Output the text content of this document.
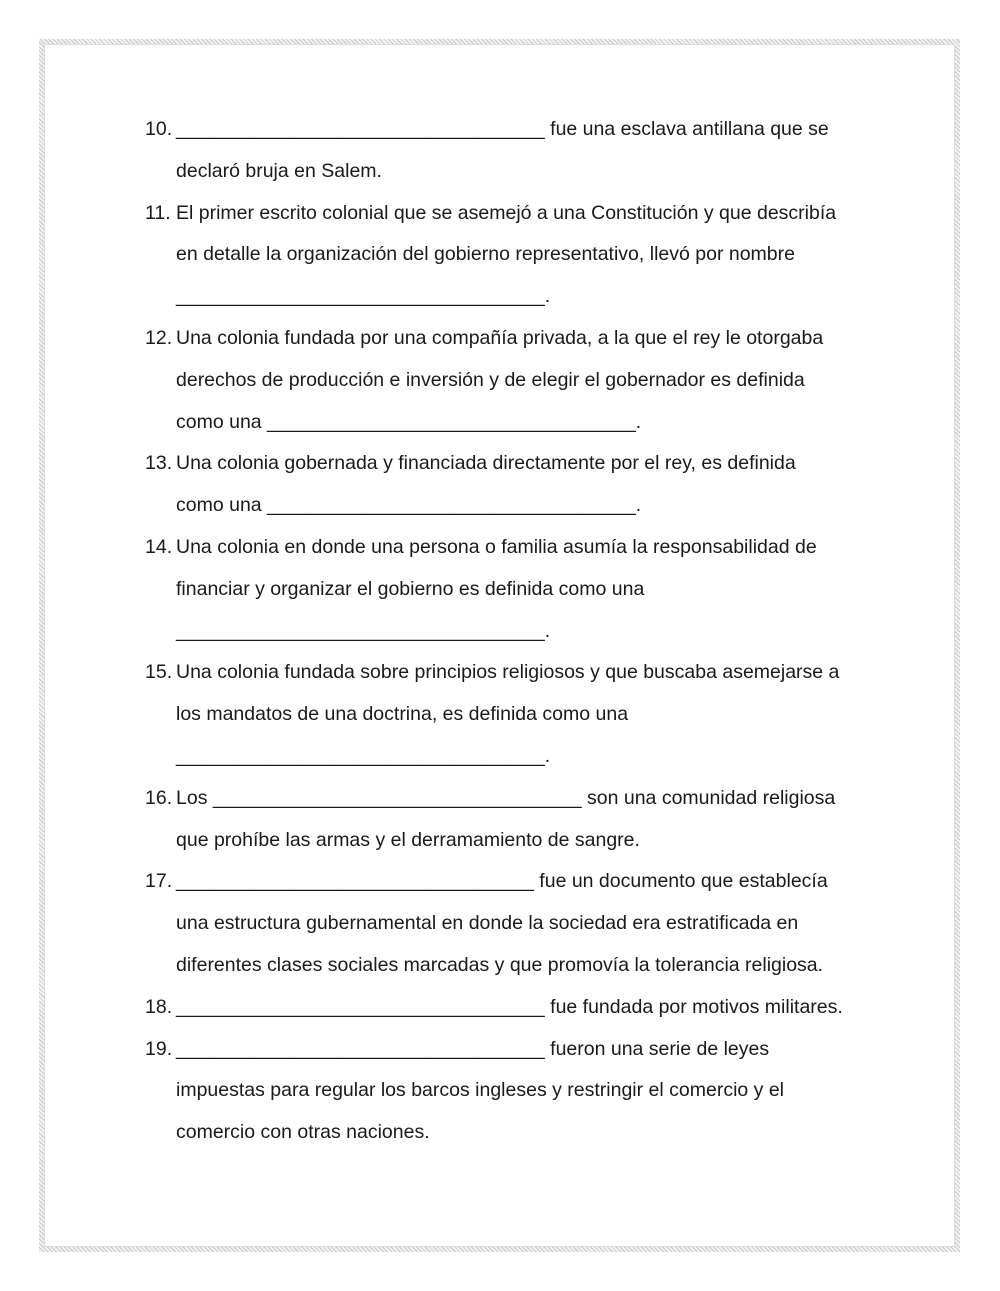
10. __________________________________ fue una esclava antillana que se
declaró bruja en Salem.
11. El primer escrito colonial que se asemejó a una Constitución y que describía
en detalle la organización del gobierno representativo, llevó por nombre
__________________________________.
12. Una colonia fundada por una compañía privada, a la que el rey le otorgaba
derechos de producción e inversión y de elegir el gobernador es definida
como una __________________________________.
13. Una colonia gobernada y financiada directamente por el rey, es definida
como una __________________________________.
14. Una colonia en donde una persona o familia asumía la responsabilidad de
financiar y organizar el gobierno es definida como una
__________________________________.
15. Una colonia fundada sobre principios religiosos y que buscaba asemejarse a
los mandatos de una doctrina, es definida como una
__________________________________.
16. Los __________________________________ son una comunidad religiosa
que prohíbe las armas y el derramamiento de sangre.
17. _________________________________ fue un documento que establecía
una estructura gubernamental en donde la sociedad era estratificada en
diferentes clases sociales marcadas y que promovía la tolerancia religiosa.
18. __________________________________ fue fundada por motivos militares.
19. __________________________________ fueron una serie de leyes
impuestas para regular los barcos ingleses y restringir el comercio y el
comercio con otras naciones.
